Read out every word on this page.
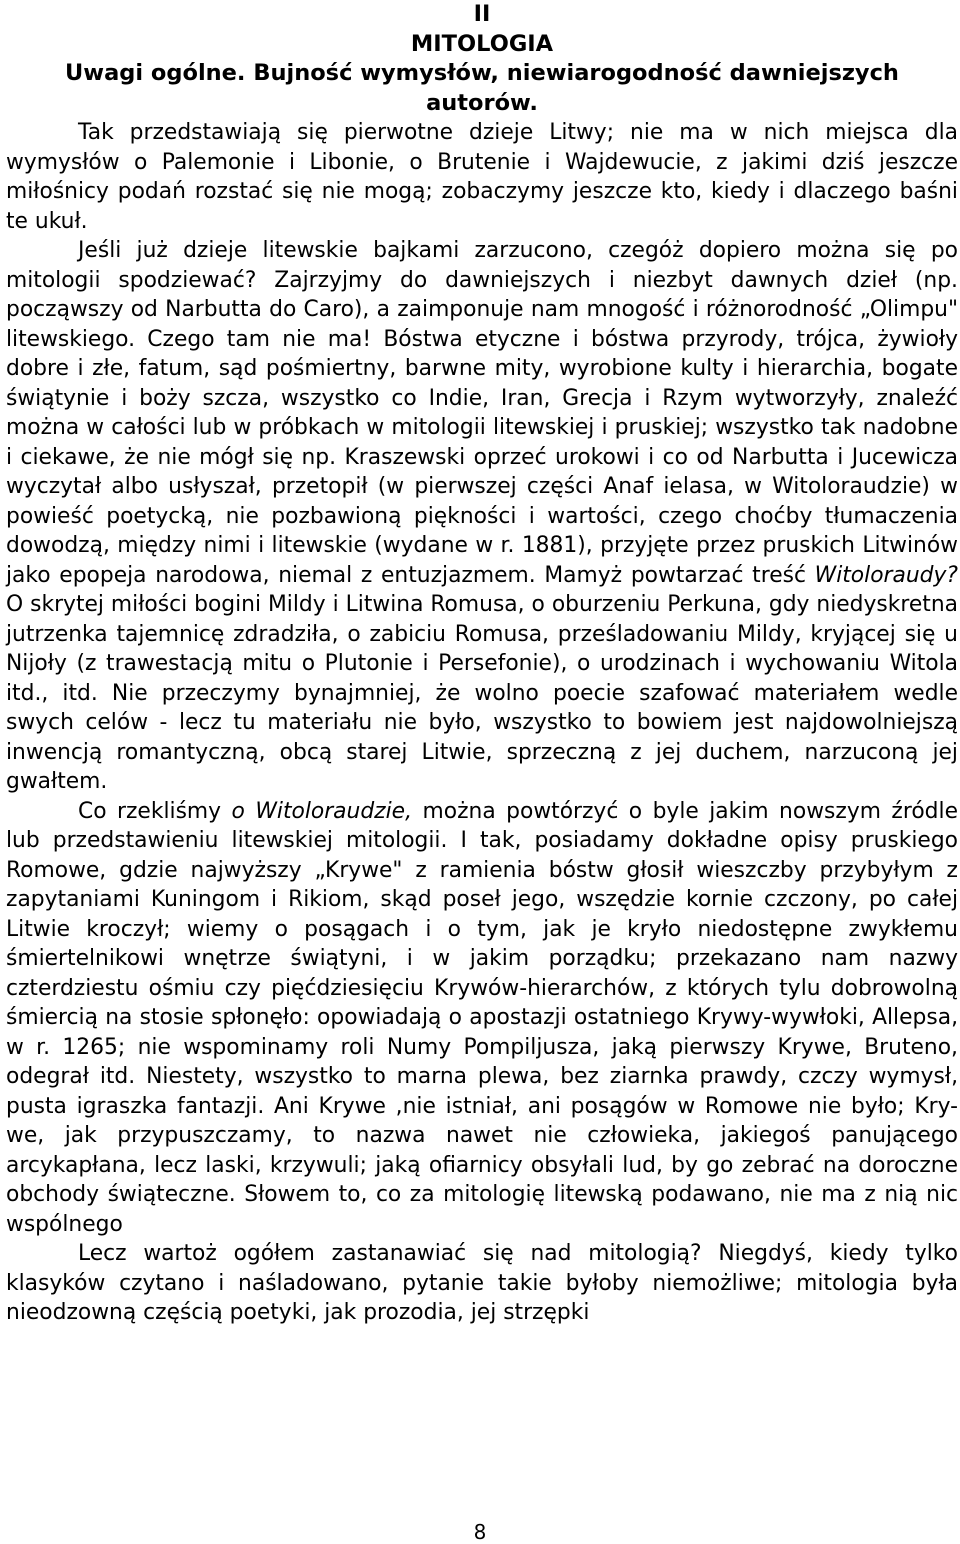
II
MITOLOGIA
Uwagi ogólne. Bujność wymysłów, niewiarogodność dawniejszych autorów.

Tak przedstawiają się pierwotne dzieje Litwy; nie ma w nich miejsca dla wymysłów o Palemonie i Libonie, o Brutenie i Wajdewucie, z jakimi dziś jeszcze miłośnicy podań rozstać się nie mogą; zobaczymy jeszcze kto, kiedy i dlaczego baśni te ukuł.

Jeśli już dzieje litewskie bajkami zarzucono, czegóż dopiero można się po mitologii spodziewać? Zajrzyjmy do dawniejszych i niezbyt dawnych dzieł (np. począwszy od Narbutta do Caro), a zaimponuje nam mnogość i różnorodność „Olimpu" litewskiego. Czego tam nie ma! Bóstwa etyczne i bóstwa przyrody, trójca, żywioły dobre i złe, fatum, sąd pośmiertny, barwne mity, wyrobione kulty i hierarchia, bogate świątynie i boży szcza, wszystko co Indie, Iran, Grecja i Rzym wytworzyły, znaleźć można w całości lub w próbkach w mitologii litewskiej i pruskiej; wszystko tak nadobne i ciekawe, że nie mógł się np. Kraszewski oprzeć urokowi i co od Narbutta i Jucewicza wyczytał albo usłyszał, przetopił (w pierwszej części Anaf ielasa, w Witoloraudzie) w powieść poetycką, nie pozbawioną piękności i wartości, czego choćby tłumaczenia dowodzą, między nimi i litewskie (wydane w r. 1881), przyjęte przez pruskich Litwinów jako epopeja narodowa, niemal z entuzjazmem. Mamyż powtarzać treść Witoloraudy? O skrytej miłości bogini Mildy i Litwina Romusa, o oburzeniu Perkuna, gdy niedyskretna jutrzenka tajemnicę zdradziła, o zabiciu Romusa, prześladowaniu Mildy, kryjącej się u Nijoły (z trawestacją mitu o Plutonie i Persefonie), o urodzinach i wychowaniu Witola itd., itd. Nie przeczymy bynajmniej, że wolno poecie szafować materiałem wedle swych celów - lecz tu materiału nie było, wszystko to bowiem jest najdowolniejszą inwencją romantyczną, obcą starej Litwie, sprzeczną z jej duchem, narzuconą jej gwałtem.

Co rzekliśmy o Witoloraudzie, można powtórzyć o byle jakim nowszym źródle lub przedstawieniu litewskiej mitologii. I tak, posiadamy dokładne opisy pruskiego Romowe, gdzie najwyższy „Krywe" z ramienia bóstw głosił wieszczby przybyłym z zapytaniami Kuningom i Rikiom, skąd poseł jego, wszędzie kornie czczony, po całej Litwie kroczył; wiemy o posągach i o tym, jak je kryło niedostępne zwykłemu śmiertelnikowi wnętrze świątyni, i w jakim porządku; przekazano nam nazwy czterdziestu ośmiu czy pięćdziesięciu Krywów-hierarchów, z których tylu dobrowolną śmiercią na stosie spłonęło: opowiadają o apostazji ostatniego Krywy-wywłoki, Allepsa, w r. 1265; nie wspominamy roli Numy Pompiljusza, jaką pierwszy Krywe, Bruteno, odegrał itd. Niestety, wszystko to marna plewa, bez ziarnka prawdy, czczy wymysł, pusta igraszka fantazji. Ani Krywe ,nie istniał, ani posągów w Romowe nie było; Kry-we, jak przypuszczamy, to nazwa nawet nie człowieka, jakiegoś panującego arcykapłana, lecz laski, krzywuli; jaką ofiarnicy obsyłali lud, by go zebrać na doroczne obchody świąteczne. Słowem to, co za mitologię litewską podawano, nie ma z nią nic wspólnego

Lecz wartoż ogółem zastanawiać się nad mitologią? Niegdyś, kiedy tylko klasyków czytano i naśladowano, pytanie takie byłoby niemożliwe; mitologia była nieodzowną częścią poetyki, jak prozodia, jej strzępki

8
